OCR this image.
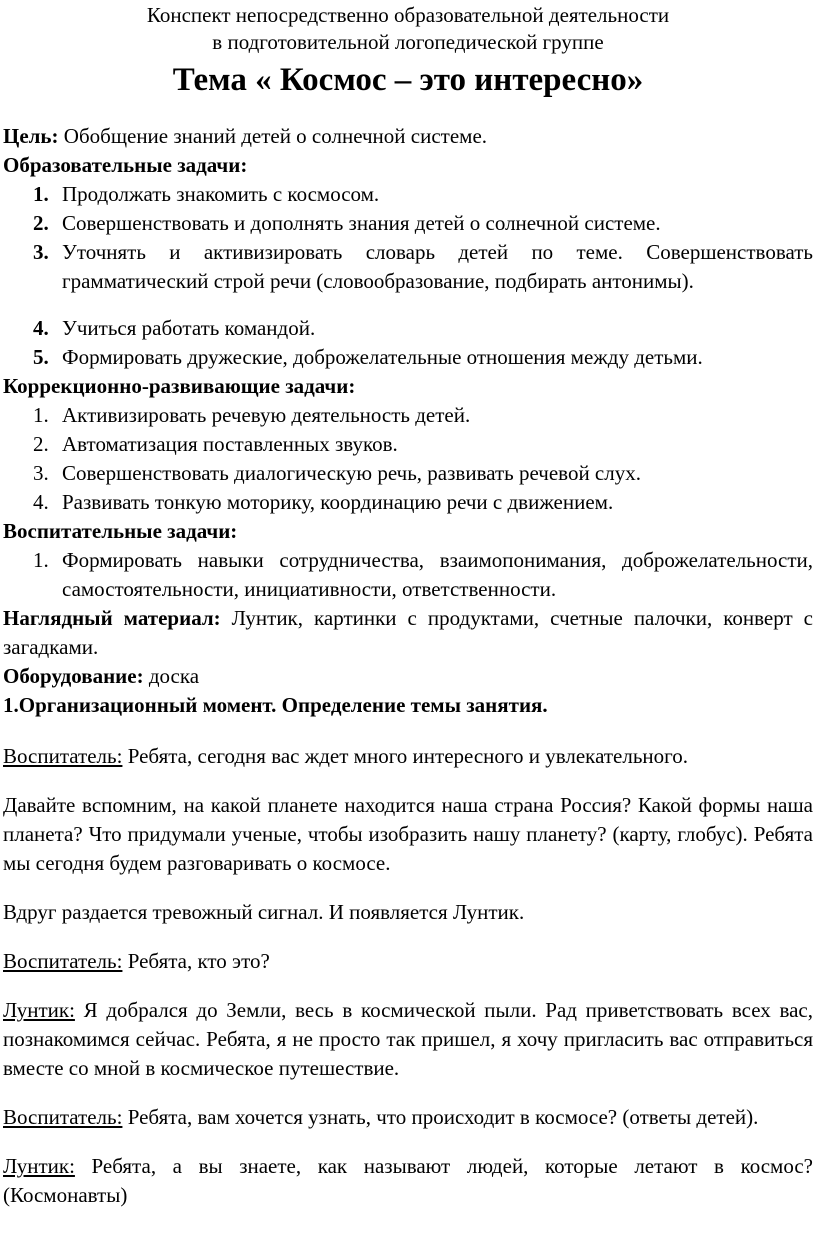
Конспект непосредственно образовательной деятельности
в подготовительной логопедической группе
Тема « Космос – это интересно»

Цель: Обобщение знаний детей о солнечной системе.

Образовательные задачи:

1. Продолжать знакомить с космосом.
2. Совершенствовать и дополнять знания детей о солнечной системе.
3. Уточнять и активизировать словарь детей по теме. Совершенствовать грамматический строй речи (словообразование, подбирать антонимы).
4. Учиться работать командой.
5. Формировать дружеские, доброжелательные отношения между детьми.

Коррекционно-развивающие задачи:

1. Активизировать речевую деятельность детей.
2. Автоматизация поставленных звуков.
3. Совершенствовать диалогическую речь, развивать речевой слух.
4. Развивать тонкую моторику, координацию речи с движением.

Воспитательные задачи:

1. Формировать навыки сотрудничества, взаимопонимания, доброжелательности, самостоятельности, инициативности, ответственности.

Наглядный материал: Лунтик, картинки с продуктами, счетные палочки, конверт с загадками.

Оборудование: доска

1.Организационный момент. Определение темы занятия.

Воспитатель: Ребята, сегодня вас ждет много интересного и увлекательного.

Давайте вспомним, на какой планете находится наша страна Россия? Какой формы наша планета? Что придумали ученые, чтобы изобразить нашу планету? (карту, глобус). Ребята мы сегодня будем разговаривать о космосе.

Вдруг раздается тревожный сигнал. И появляется Лунтик.

Воспитатель: Ребята, кто это?

Лунтик: Я добрался до Земли, весь в космической пыли. Рад приветствовать всех вас, познакомимся сейчас. Ребята, я не просто так пришел, я хочу пригласить вас отправиться вместе со мной в космическое путешествие.

Воспитатель: Ребята, вам хочется узнать, что происходит в космосе? (ответы детей).

Лунтик: Ребята, а вы знаете, как называют людей, которые летают в космос? (Космонавты)
